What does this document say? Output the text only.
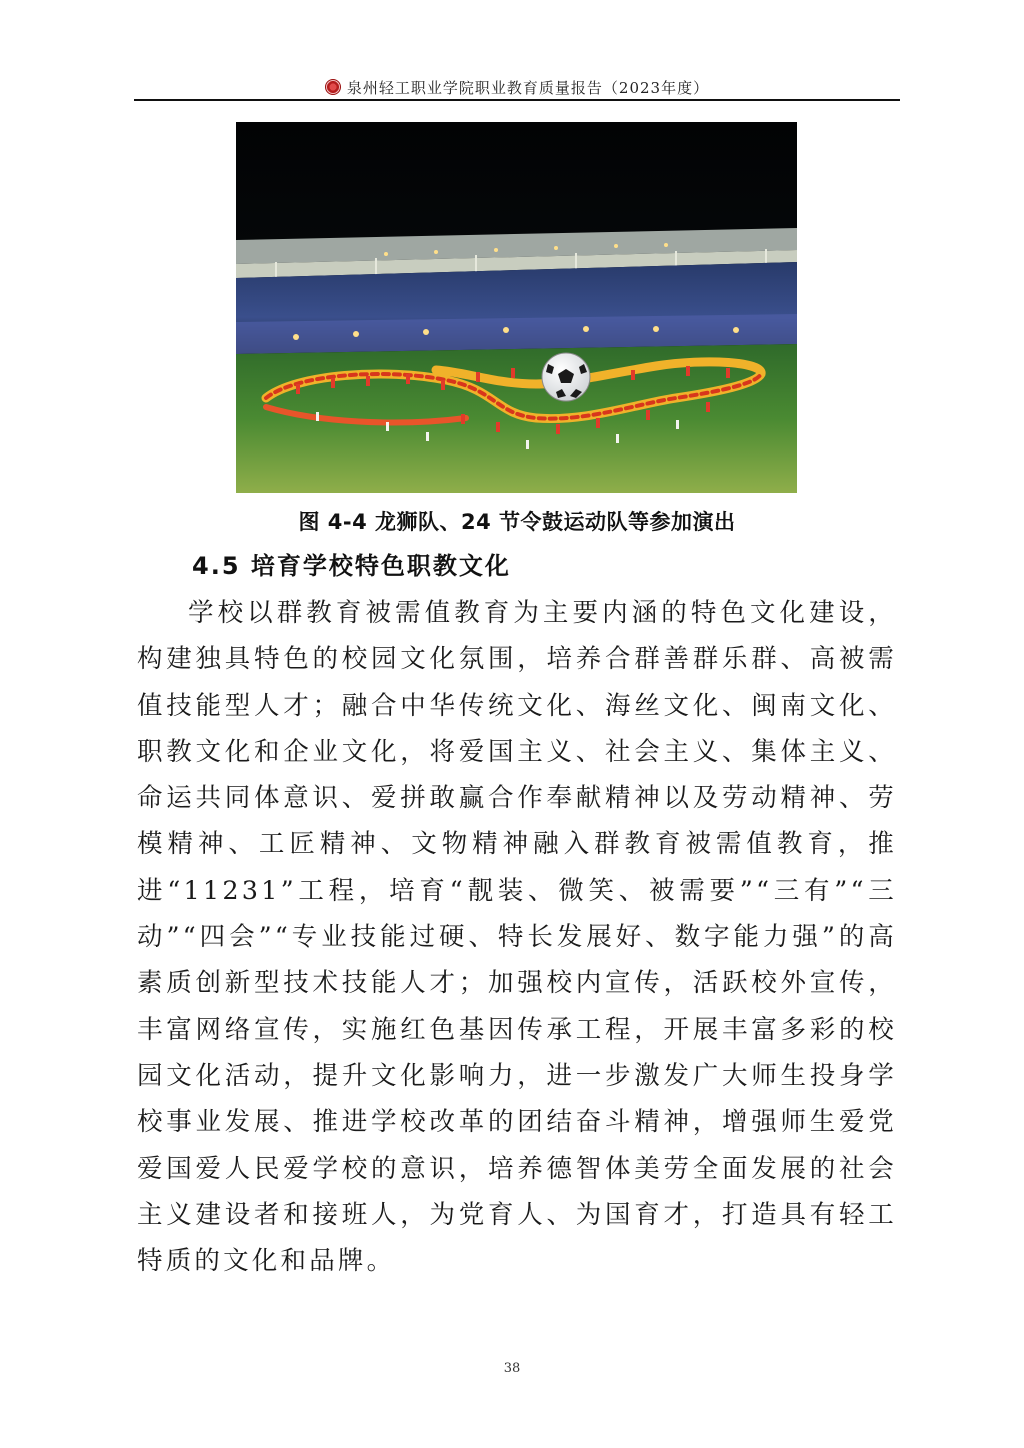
泉州轻工职业学院职业教育质量报告（2023年度）
图 4-4 龙狮队、24 节令鼓运动队等参加演出
4.5 培育学校特色职教文化

学校以群教育被需值教育为主要内涵的特色文化建设，构建独具特色的校园文化氛围，培养合群善群乐群、高被需值技能型人才；融合中华传统文化、海丝文化、闽南文化、职教文化和企业文化，将爱国主义、社会主义、集体主义、命运共同体意识、爱拼敢赢合作奉献精神以及劳动精神、劳模精神、工匠精神、文物精神融入群教育被需值教育，推进“11231”工程，培育“靓装、微笑、被需要”“三有”“三动”“四会”“专业技能过硬、特长发展好、数字能力强”的高素质创新型技术技能人才；加强校内宣传，活跃校外宣传，丰富网络宣传，实施红色基因传承工程，开展丰富多彩的校园文化活动，提升文化影响力，进一步激发广大师生投身学校事业发展、推进学校改革的团结奋斗精神，增强师生爱党爱国爱人民爱学校的意识，培养德智体美劳全面发展的社会主义建设者和接班人，为党育人、为国育才，打造具有轻工特质的文化和品牌。

38
